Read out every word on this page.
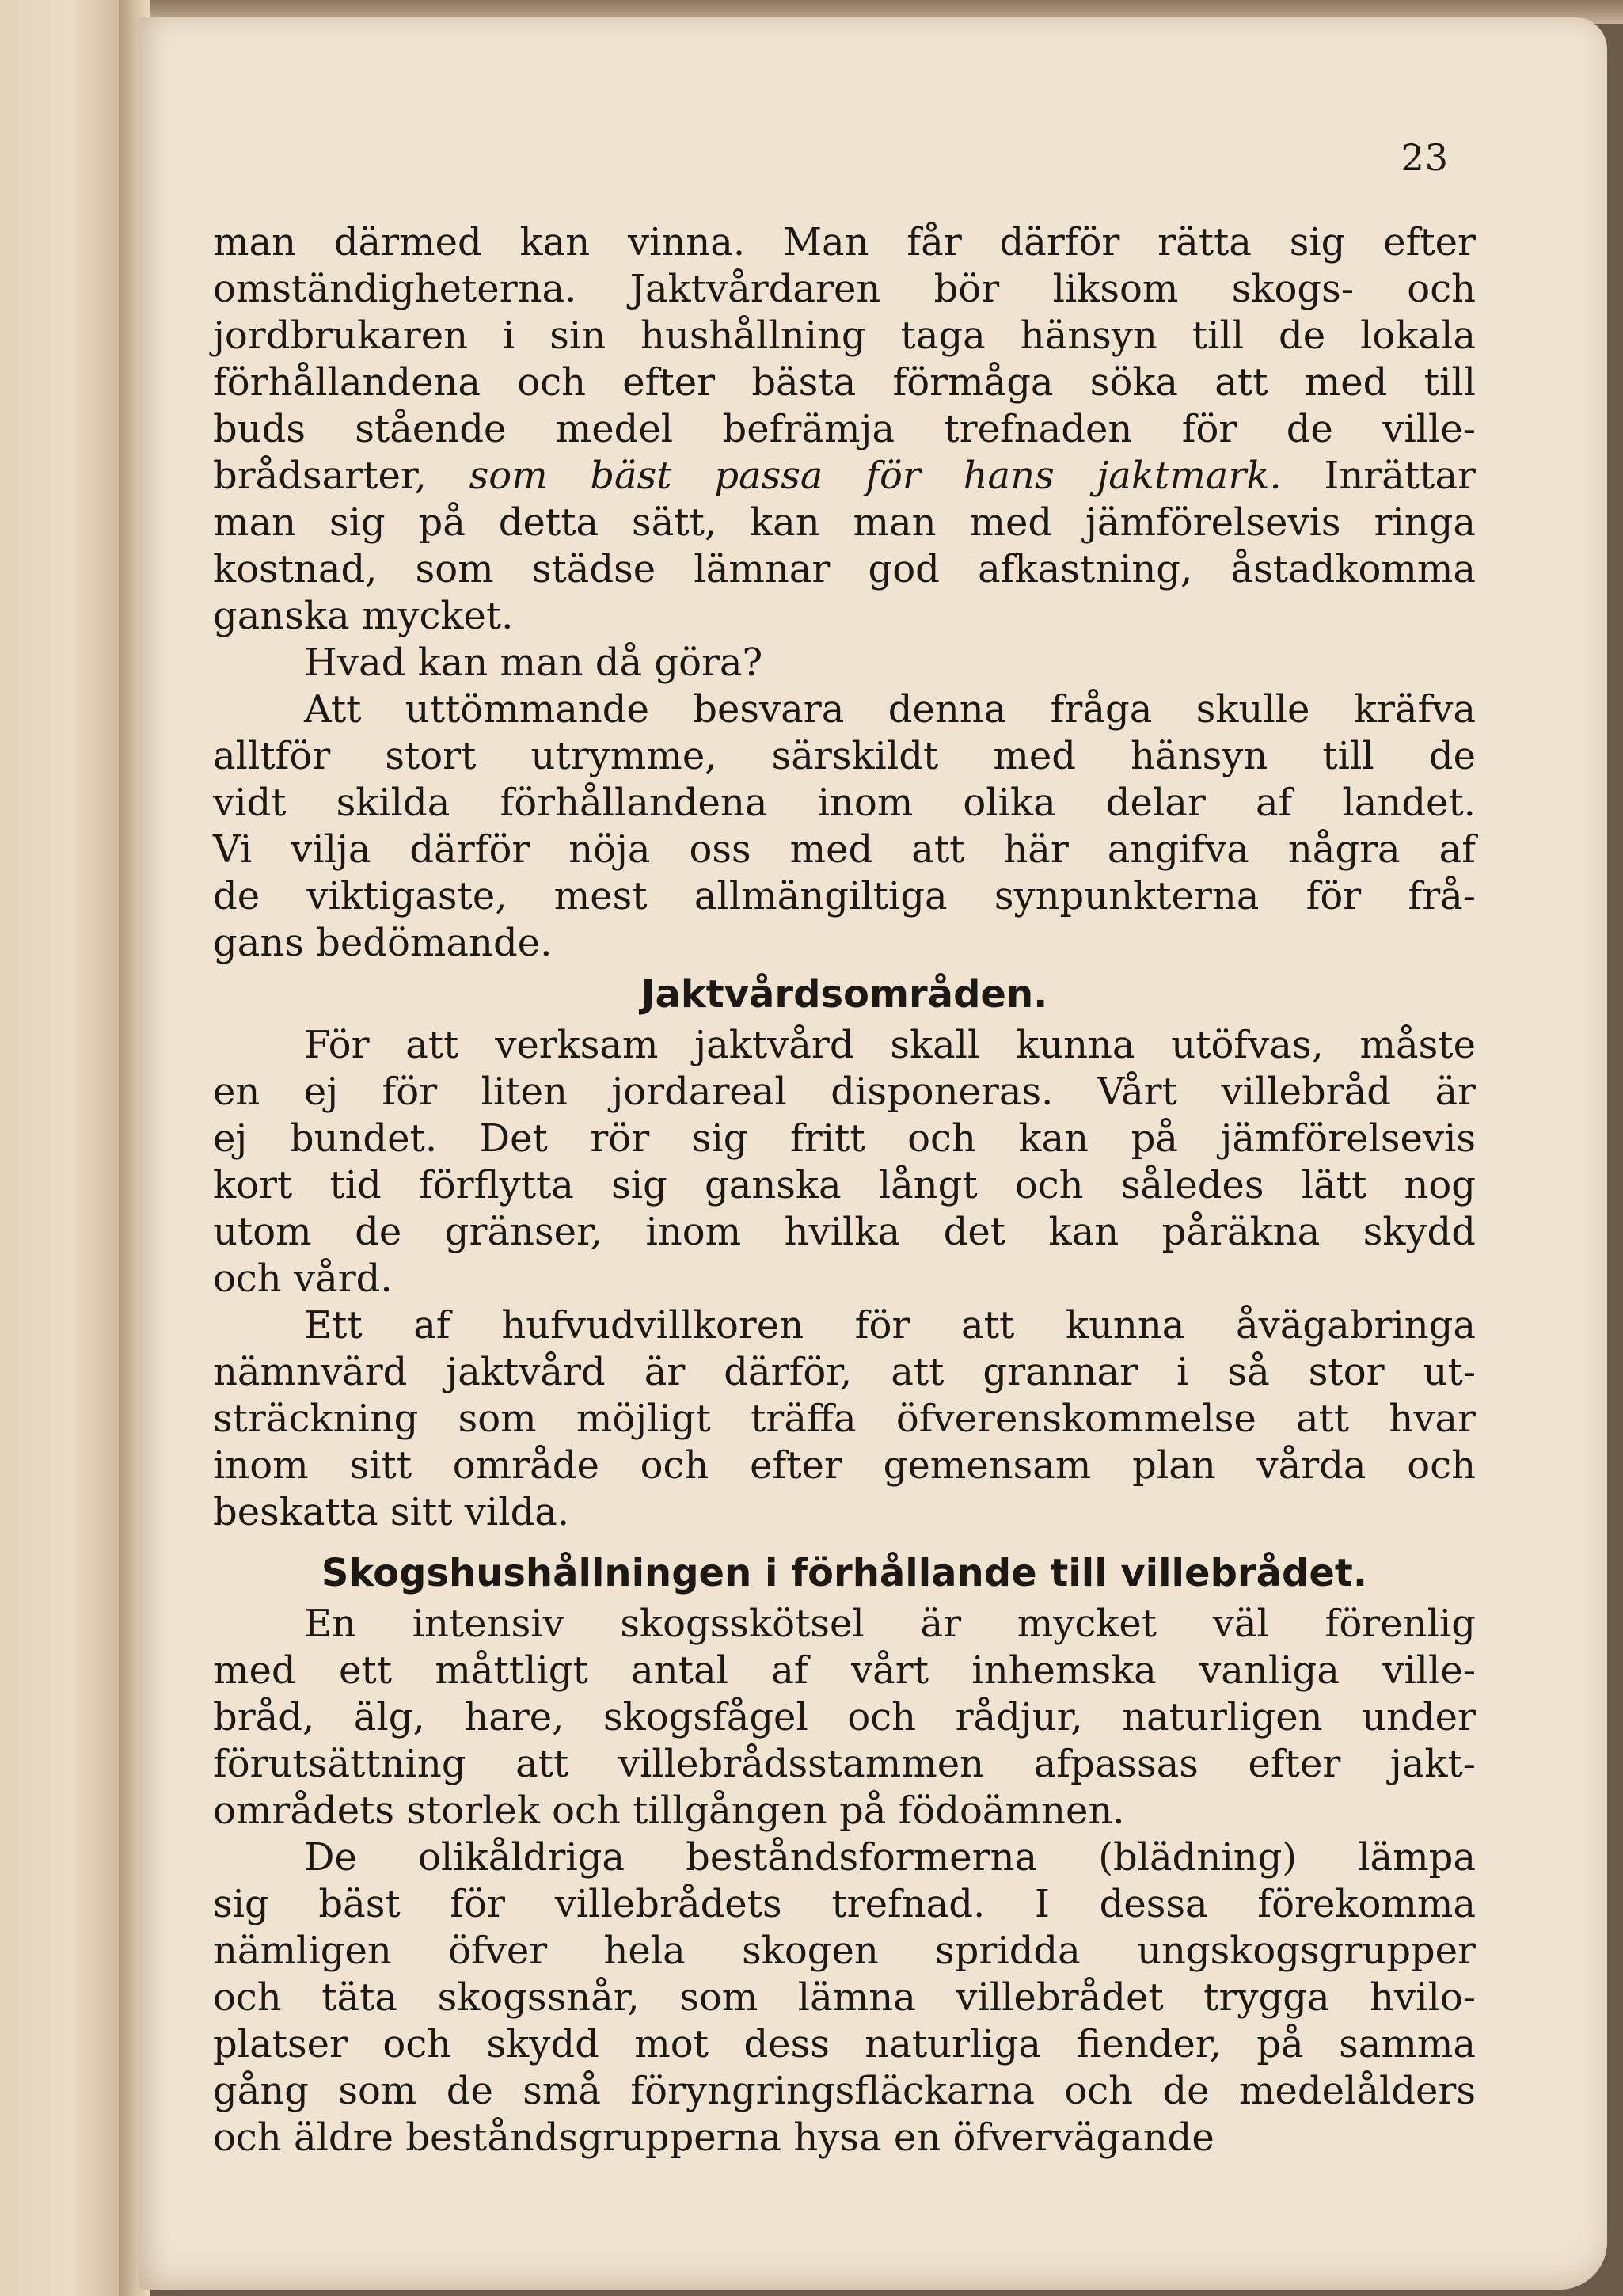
23
man därmed kan vinna. Man får därför rätta sig efter
omständigheterna. Jaktvårdaren bör liksom skogs- och
jordbrukaren i sin hushållning taga hänsyn till de lokala
förhållandena och efter bästa förmåga söka att med till
buds stående medel befrämja trefnaden för de ville-
brådsarter, som bäst passa för hans jaktmark. Inrättar
man sig på detta sätt, kan man med jämförelsevis ringa
kostnad, som städse lämnar god afkastning, åstadkomma
ganska mycket.
Hvad kan man då göra?
Att uttömmande besvara denna fråga skulle kräfva
alltför stort utrymme, särskildt med hänsyn till de
vidt skilda förhållandena inom olika delar af landet.
Vi vilja därför nöja oss med att här angifva några af
de viktigaste, mest allmängiltiga synpunkterna för frå-
gans bedömande.
Jaktvårdsområden.
För att verksam jaktvård skall kunna utöfvas, måste
en ej för liten jordareal disponeras. Vårt villebråd är
ej bundet. Det rör sig fritt och kan på jämförelsevis
kort tid förflytta sig ganska långt och således lätt nog
utom de gränser, inom hvilka det kan påräkna skydd
och vård.
Ett af hufvudvillkoren för att kunna åvägabringa
nämnvärd jaktvård är därför, att grannar i så stor ut-
sträckning som möjligt träffa öfverenskommelse att hvar
inom sitt område och efter gemensam plan vårda och
beskatta sitt vilda.
Skogshushållningen i förhållande till villebrådet.
En intensiv skogsskötsel är mycket väl förenlig
med ett måttligt antal af vårt inhemska vanliga ville-
bråd, älg, hare, skogsfågel och rådjur, naturligen under
förutsättning att villebrådsstammen afpassas efter jakt-
områdets storlek och tillgången på födoämnen.
De olikåldriga beståndsformerna (blädning) lämpa
sig bäst för villebrådets trefnad. I dessa förekomma
nämligen öfver hela skogen spridda ungskogsgrupper
och täta skogssnår, som lämna villebrådet trygga hvilo-
platser och skydd mot dess naturliga fiender, på samma
gång som de små föryngringsfläckarna och de medelålders
och äldre beståndsgrupperna hysa en öfvervägande
